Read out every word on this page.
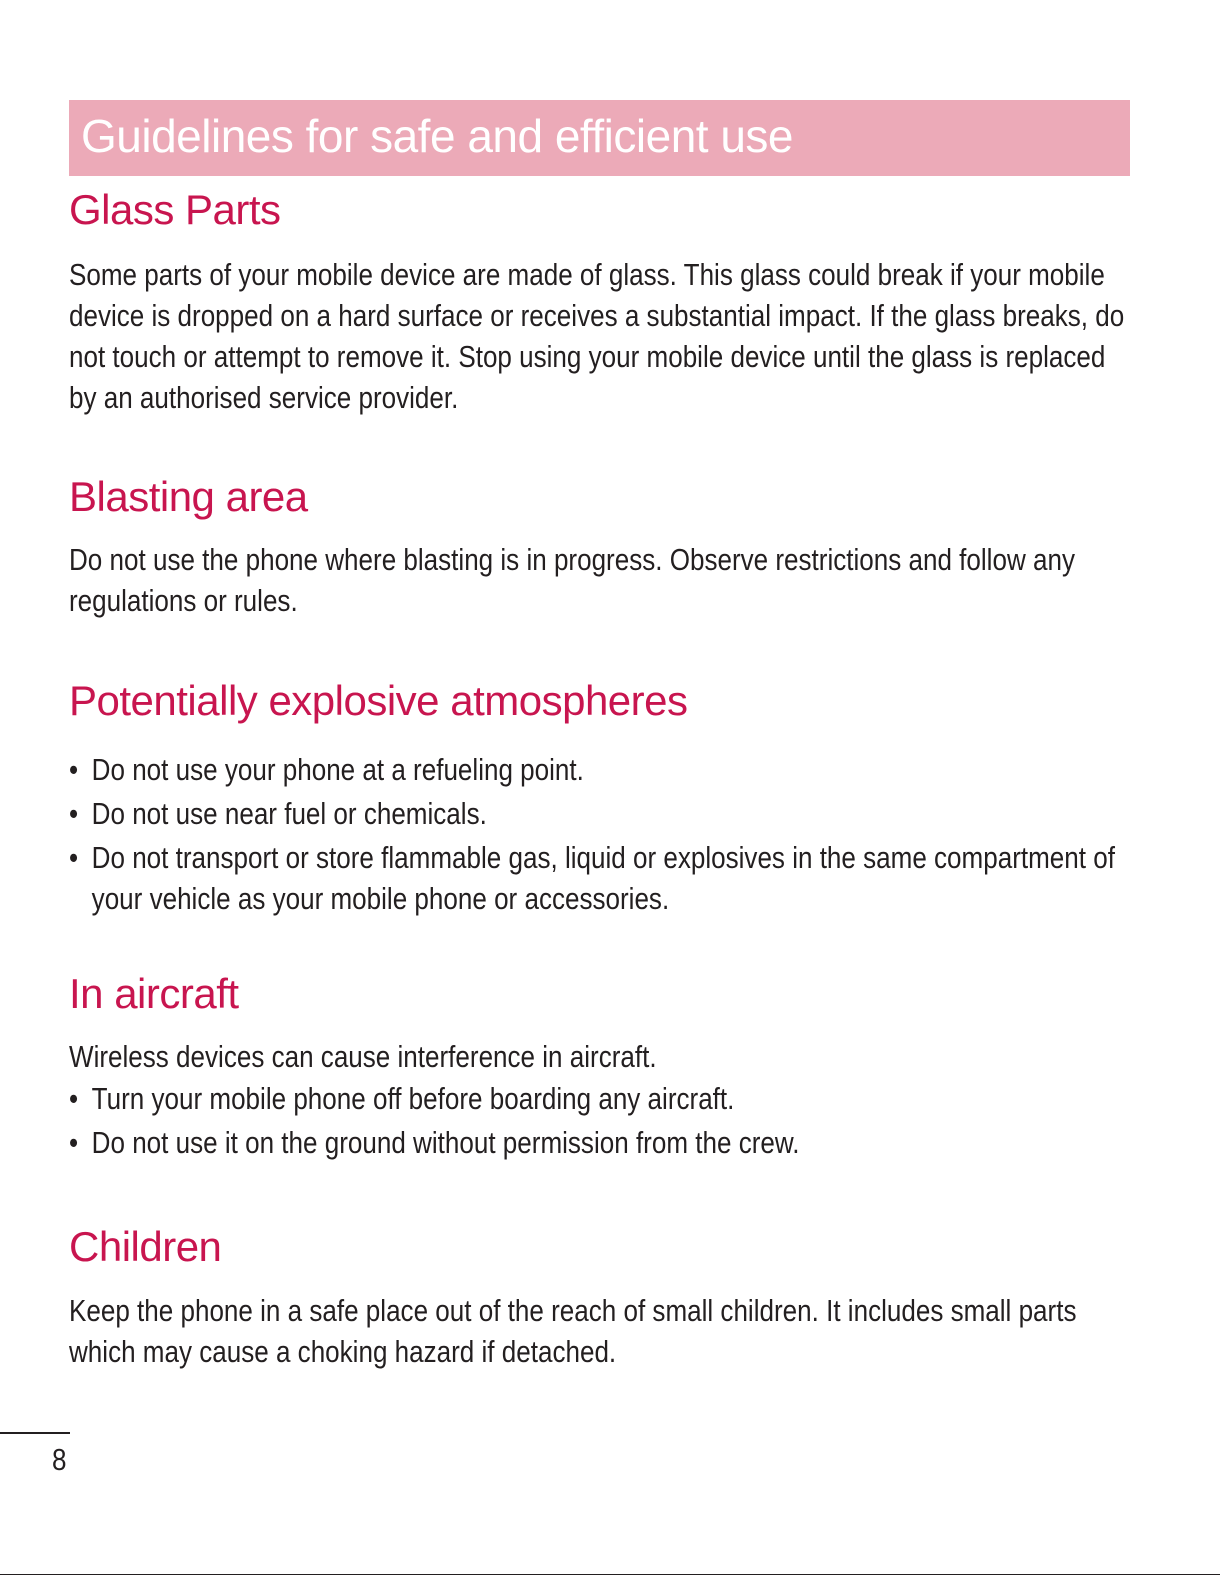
Guidelines for safe and efficient use
Glass Parts

Some parts of your mobile device are made of glass. This glass could break if your mobile device is dropped on a hard surface or receives a substantial impact. If the glass breaks, do not touch or attempt to remove it. Stop using your mobile device until the glass is replaced by an authorised service provider.

Blasting area

Do not use the phone where blasting is in progress. Observe restrictions and follow any regulations or rules.

Potentially explosive atmospheres
• Do not use your phone at a refueling point.
• Do not use near fuel or chemicals.
• Do not transport or store flammable gas, liquid or explosives in the same compartment of your vehicle as your mobile phone or accessories.
In aircraft

Wireless devices can cause interference in aircraft.

• Turn your mobile phone off before boarding any aircraft.
• Do not use it on the ground without permission from the crew.
Children

Keep the phone in a safe place out of the reach of small children. It includes small parts which may cause a choking hazard if detached.

8
